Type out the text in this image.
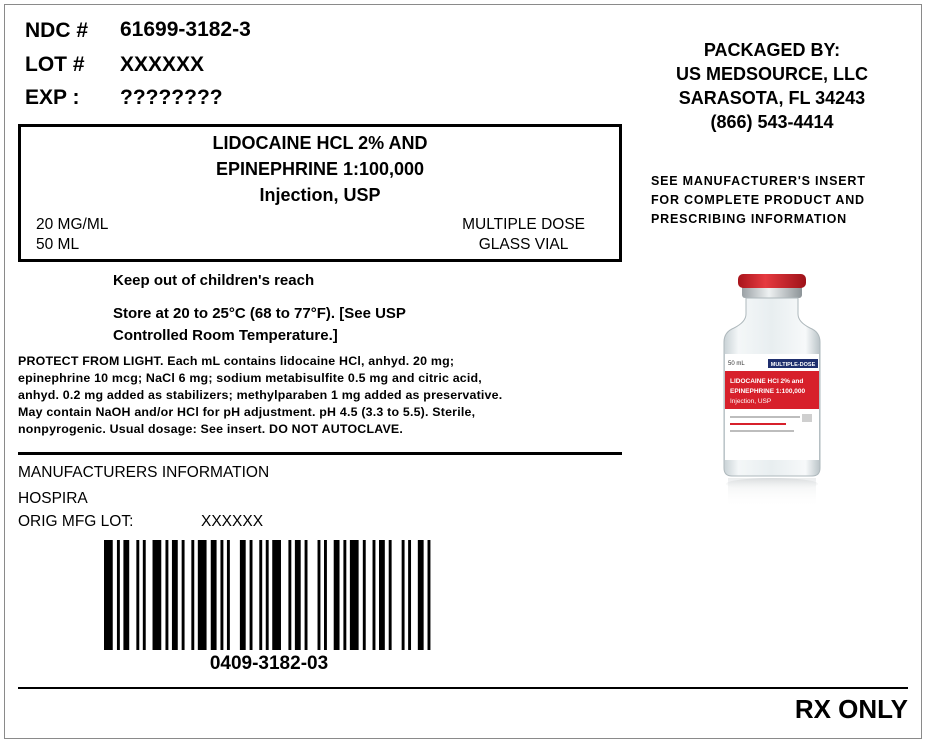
NDC # 61699-3182-3
LOT # XXXXXX
EXP : ????????
PACKAGED BY:
US MEDSOURCE, LLC
SARASOTA, FL 34243
(866) 543-4414
SEE MANUFACTURER'S INSERT
FOR COMPLETE PRODUCT AND
PRESCRIBING INFORMATION
LIDOCAINE HCL 2% AND
EPINEPHRINE 1:100,000
Injection, USP
20 MG/ML
50 ML
MULTIPLE DOSE
GLASS VIAL
Keep out of children's reach
Store at 20 to 25°C (68 to 77°F). [See USP
Controlled Room Temperature.]
PROTECT FROM LIGHT. Each mL contains lidocaine HCl, anhyd. 20 mg;
epinephrine 10 mcg; NaCl 6 mg; sodium metabisulfite 0.5 mg and citric acid,
anhyd. 0.2 mg added as stabilizers; methylparaben 1 mg added as preservative.
May contain NaOH and/or HCl for pH adjustment. pH 4.5 (3.3 to 5.5). Sterile,
nonpyrogenic. Usual dosage: See insert. DO NOT AUTOCLAVE.
MANUFACTURERS INFORMATION
HOSPIRA
ORIG MFG LOT:	XXXXXX
0409-3182-03
RX ONLY
50 mL	MULTIPLE-DOSE
LIDOCAINE HCl 2% and
EPINEPHRINE 1:100,000
Injection, USP
